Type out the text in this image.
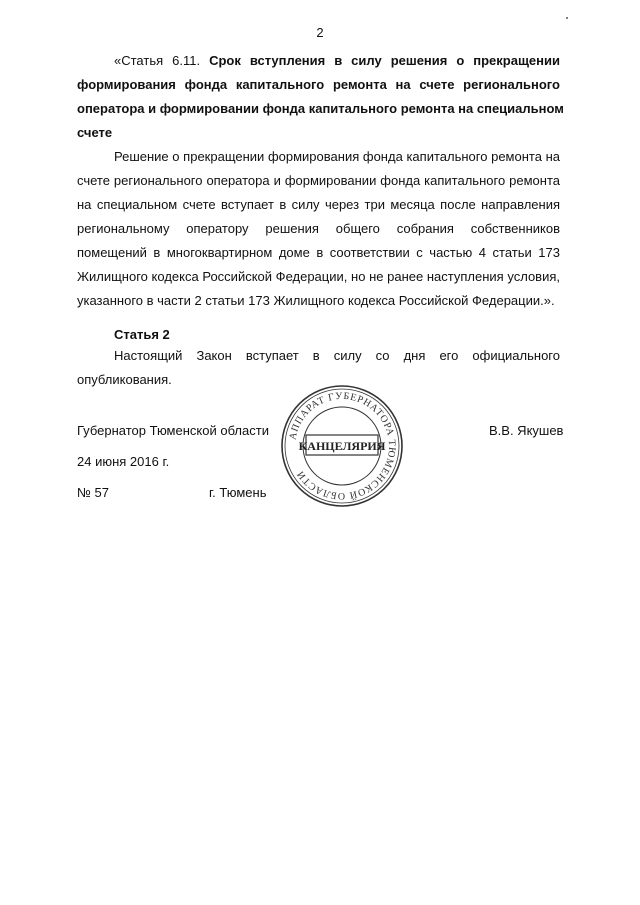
2
«Статья 6.11. Срок вступления в силу решения о прекращении
формирования фонда капитального ремонта на счете регионального
оператора и формировании фонда капитального ремонта на специальном
счете
Решение о прекращении формирования фонда капитального ремонта на
счете регионального оператора и формировании фонда капитального ремонта
на специальном счете вступает в силу через три месяца после направления
региональному оператору решения общего собрания собственников
помещений в многоквартирном доме в соответствии с частью 4 статьи 173
Жилищного кодекса Российской Федерации, но не ранее наступления условия,
указанного в части 2 статьи 173 Жилищного кодекса Российской Федерации.».
Статья 2
Настоящий Закон вступает в силу со дня его официального
опубликования.
Губернатор Тюменской области	В.В. Якушев
24 июня 2016 г.
№ 57	г. Тюмень
АППАРАТ ГУБЕРНАТОРА ТЮМЕНСКОЙ ОБЛАСТИ
КАНЦЕЛЯРИЯ
